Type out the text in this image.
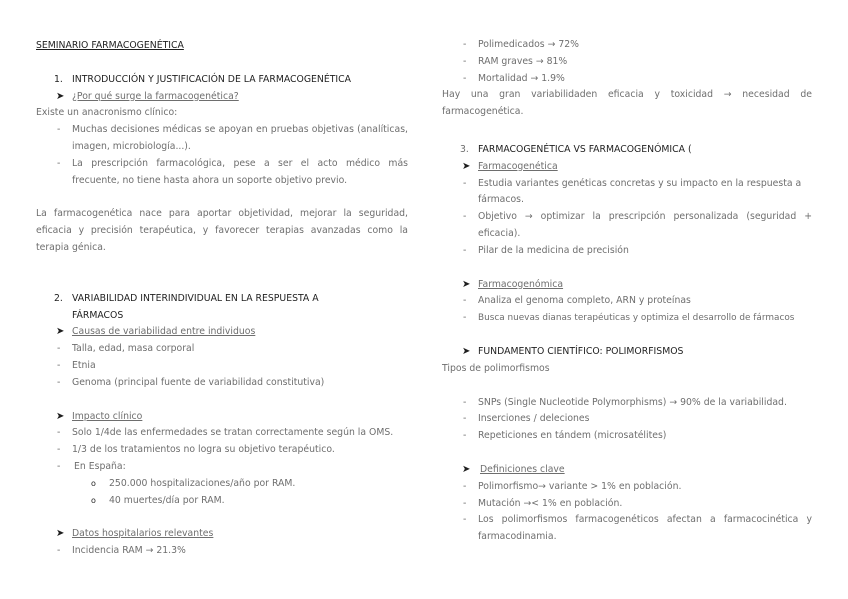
SEMINARIO FARMACOGENÉTICA
1. INTRODUCCIÓN Y JUSTIFICACIÓN DE LA FARMACOGENÉTICA
➤ ¿Por qué surge la farmacogenética?
Existe un anacronismo clínico:
- Muchas decisiones médicas se apoyan en pruebas objetivas (analíticas, imagen, microbiología...).
- La prescripción farmacológica, pese a ser el acto médico más frecuente, no tiene hasta ahora un soporte objetivo previo.
La farmacogenética nace para aportar objetividad, mejorar la seguridad, eficacia y precisión terapéutica, y favorecer terapias avanzadas como la terapia génica.
2. VARIABILIDAD INTERINDIVIDUAL EN LA RESPUESTA A
FÁRMACOS
➤ Causas de variabilidad entre individuos
- Talla, edad, masa corporal
- Etnia
- Genoma (principal fuente de variabilidad constitutiva)
➤ Impacto clínico
- Solo 1/4de las enfermedades se tratan correctamente según la OMS.
- 1/3 de los tratamientos no logra su objetivo terapéutico.
- En España:
o 250.000 hospitalizaciones/año por RAM.
o 40 muertes/día por RAM.
➤ Datos hospitalarios relevantes
- Incidencia RAM → 21.3%
- Polimedicados → 72%
- RAM graves → 81%
- Mortalidad → 1.9%
Hay una gran variabilidaden eficacia y toxicidad → necesidad de farmacogenética.
3. FARMACOGENÉTICA VS FARMACOGENÓMICA (
➤ Farmacogenética
- Estudia variantes genéticas concretas y su impacto en la respuesta a fármacos.
- Objetivo → optimizar la prescripción personalizada (seguridad + eficacia).
- Pilar de la medicina de precisión
➤ Farmacogenómica
- Analiza el genoma completo, ARN y proteínas
- Busca nuevas dianas terapéuticas y optimiza el desarrollo de fármacos
➤ FUNDAMENTO CIENTÍFICO: POLIMORFISMOS
Tipos de polimorfismos
- SNPs (Single Nucleotide Polymorphisms) → 90% de la variabilidad.
- Inserciones / deleciones
- Repeticiones en tándem (microsatélites)
➤ Definiciones clave
- Polimorfismo→ variante > 1% en población.
- Mutación →< 1% en población.
- Los polimorfismos farmacogenéticos afectan a farmacocinética y farmacodinamia.
